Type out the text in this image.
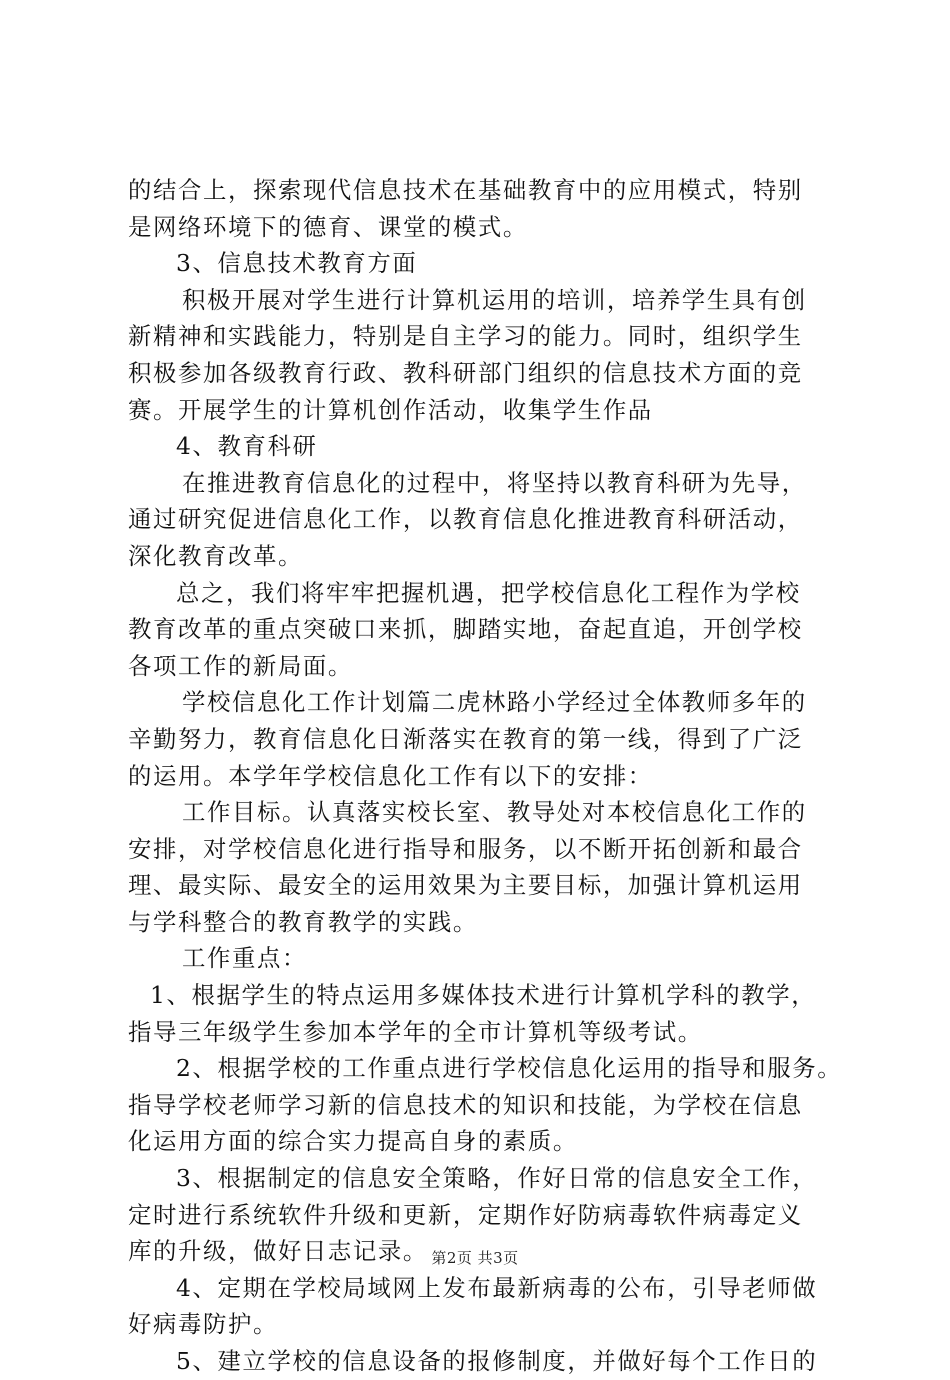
的结合上，探索现代信息技术在基础教育中的应用模式，特别

是网络环境下的德育、课堂的模式。

3、信息技术教育方面

积极开展对学生进行计算机运用的培训，培养学生具有创

新精神和实践能力，特别是自主学习的能力。同时，组织学生

积极参加各级教育行政、教科研部门组织的信息技术方面的竞

赛。开展学生的计算机创作活动，收集学生作品

4、教育科研

在推进教育信息化的过程中，将坚持以教育科研为先导，

通过研究促进信息化工作，以教育信息化推进教育科研活动，

深化教育改革。

总之，我们将牢牢把握机遇，把学校信息化工程作为学校

教育改革的重点突破口来抓，脚踏实地，奋起直追，开创学校

各项工作的新局面。

学校信息化工作计划篇二虎林路小学经过全体教师多年的

辛勤努力，教育信息化日渐落实在教育的第一线，得到了广泛

的运用。本学年学校信息化工作有以下的安排：

工作目标。认真落实校长室、教导处对本校信息化工作的

安排，对学校信息化进行指导和服务，以不断开拓创新和最合

理、最实际、最安全的运用效果为主要目标，加强计算机运用

与学科整合的教育教学的实践。

工作重点：

1、根据学生的特点运用多媒体技术进行计算机学科的教学，

指导三年级学生参加本学年的全市计算机等级考试。

2、根据学校的工作重点进行学校信息化运用的指导和服务。

指导学校老师学习新的信息技术的知识和技能，为学校在信息

化运用方面的综合实力提高自身的素质。

3、根据制定的信息安全策略，作好日常的信息安全工作，

定时进行系统软件升级和更新，定期作好防病毒软件病毒定义

库的升级，做好日志记录。

4、定期在学校局域网上发布最新病毒的公布，引导老师做

好病毒防护。

5、建立学校的信息设备的报修制度，并做好每个工作日的

第2页 共3页
